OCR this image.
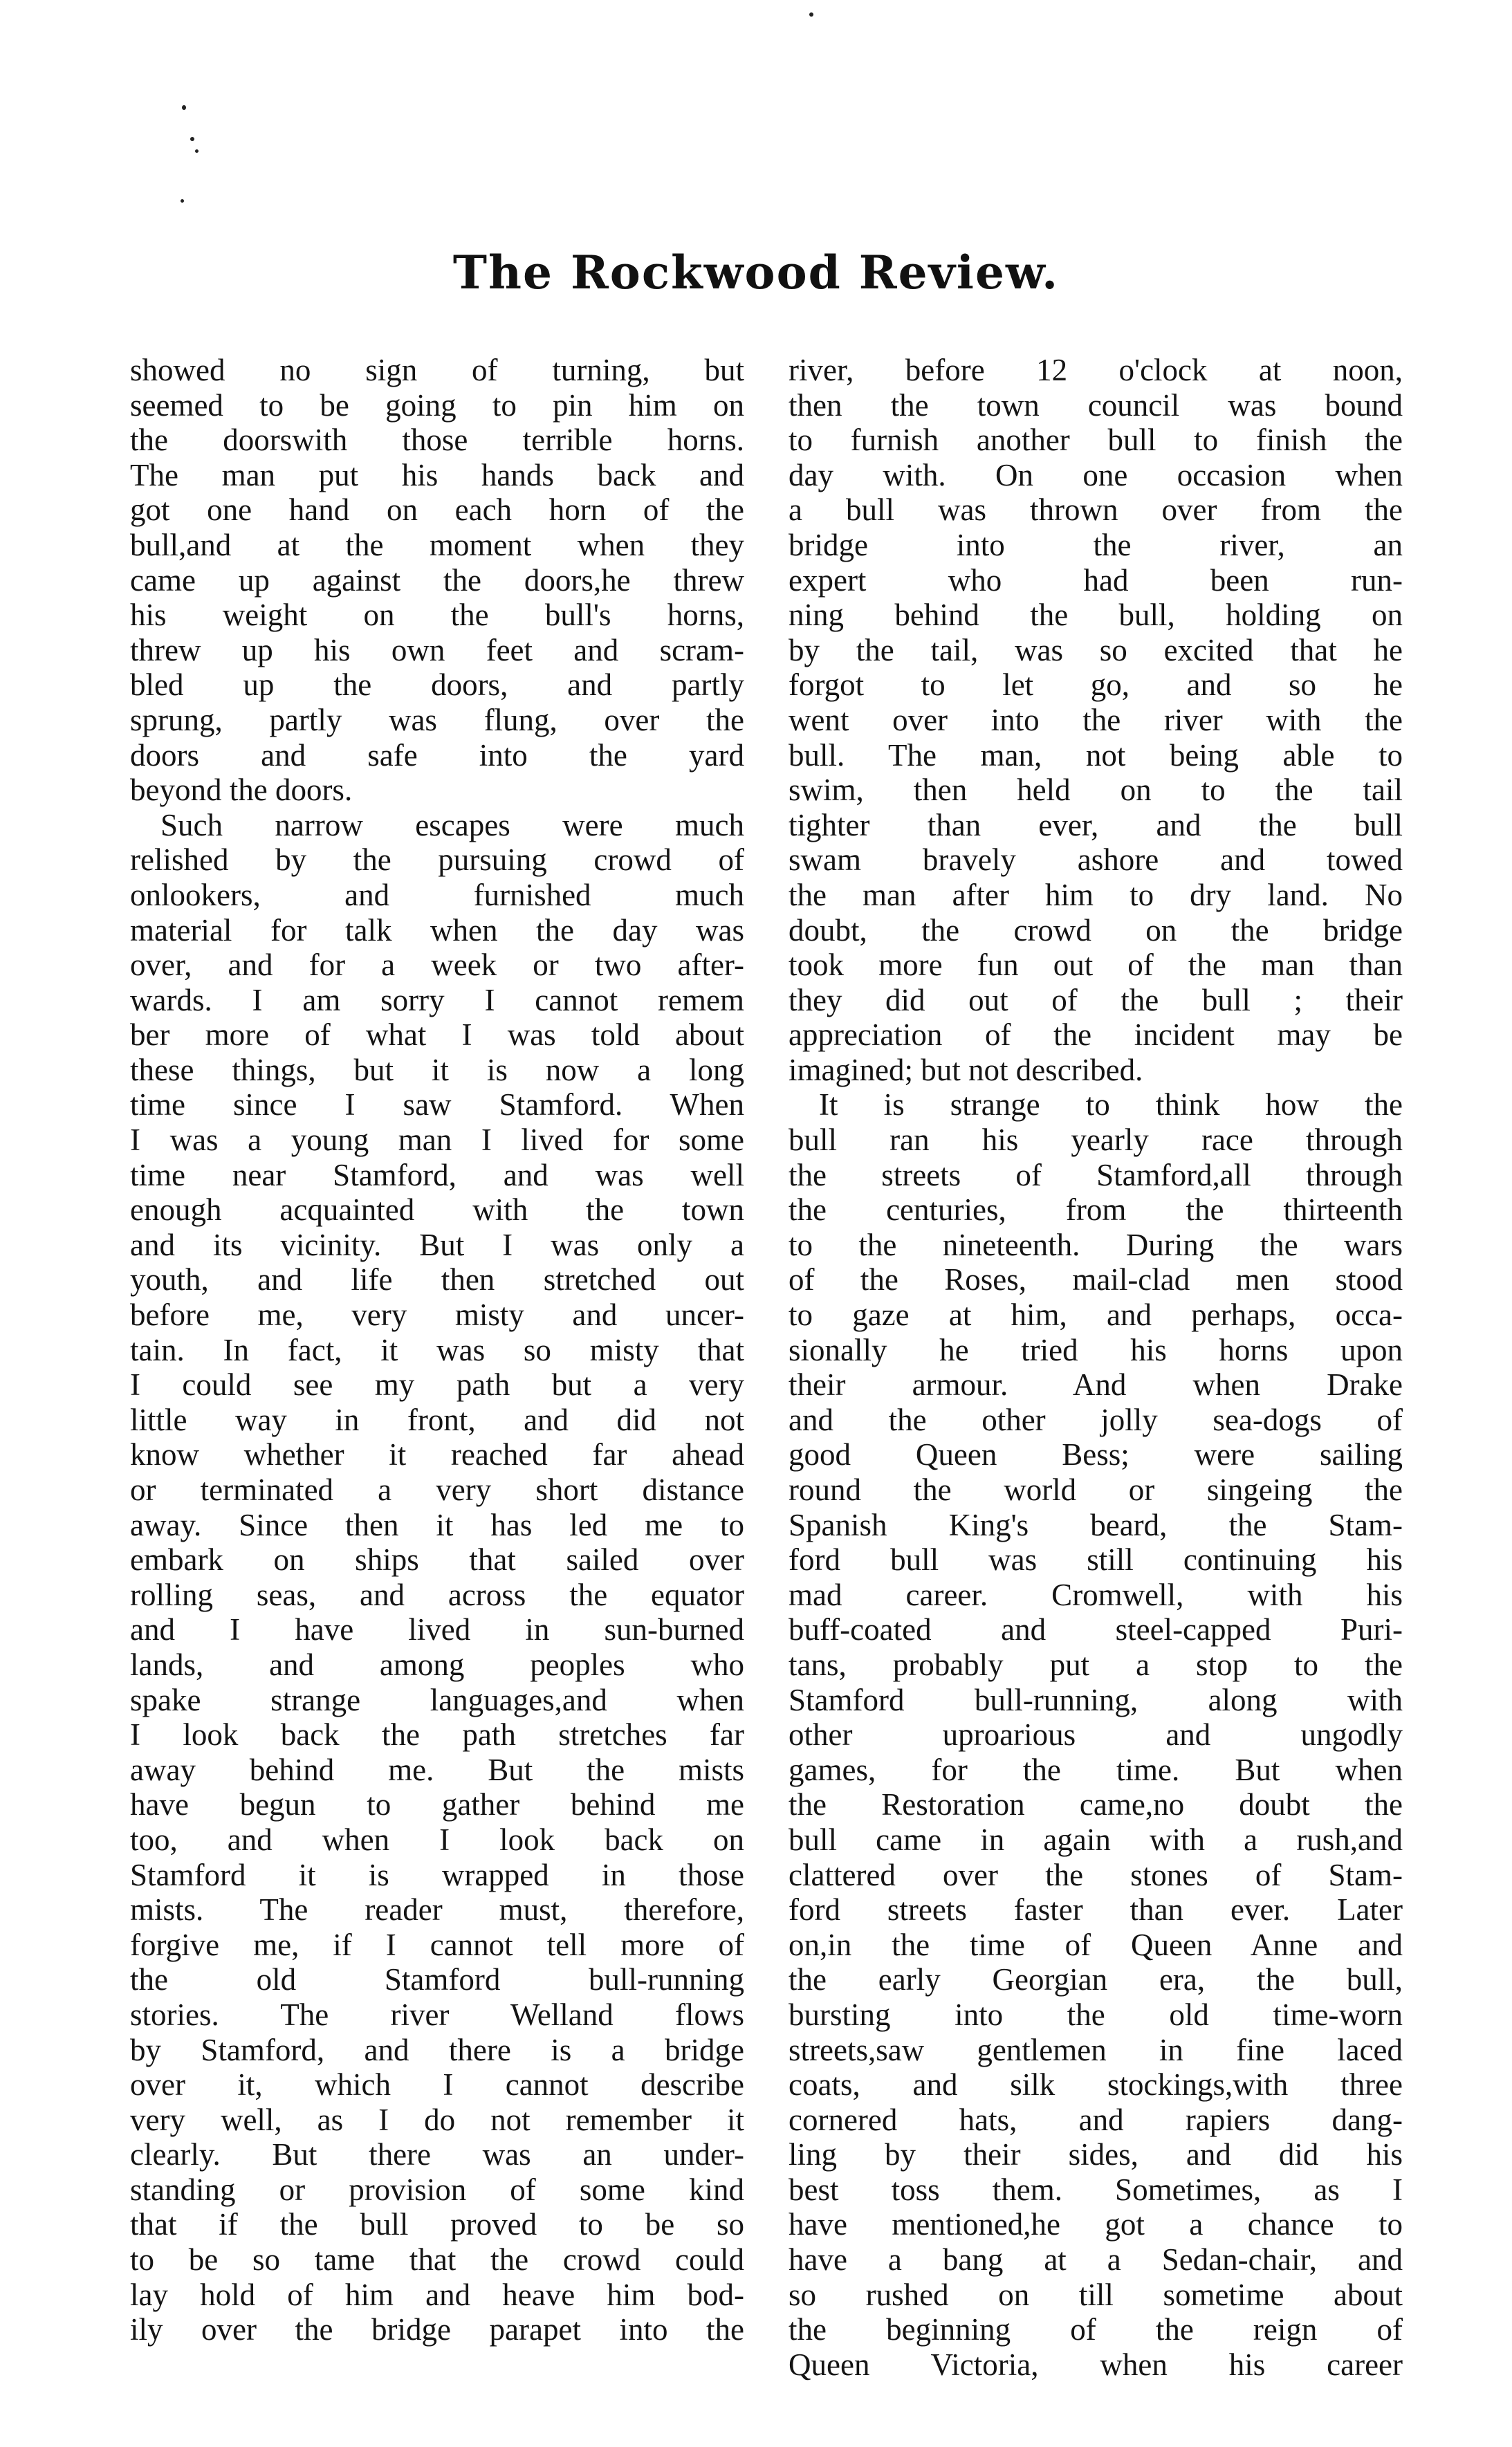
The Rockwood Review.
showed no sign of turning, but
seemed to be going to pin him on
the doorswith those terrible horns.
The man put his hands back and
got one hand on each horn of the
bull,and at the moment when they
came up against the doors,he threw
his weight on the bull's horns,
threw up his own feet and scram-
bled up the doors, and partly
sprung, partly was flung, over the
doors and safe into the yard
beyond the doors.
Such narrow escapes were much
relished by the pursuing crowd of
onlookers, and furnished much
material for talk when the day was
over, and for a week or two after-
wards. I am sorry I cannot remem
ber more of what I was told about
these things, but it is now a long
time since I saw Stamford. When
I was a young man I lived for some
time near Stamford, and was well
enough acquainted with the town
and its vicinity. But I was only a
youth, and life then stretched out
before me, very misty and uncer-
tain. In fact, it was so misty that
I could see my path but a very
little way in front, and did not
know whether it reached far ahead
or terminated a very short distance
away. Since then it has led me to
embark on ships that sailed over
rolling seas, and across the equator
and I have lived in sun-burned
lands, and among peoples who
spake strange languages,and when
I look back the path stretches far
away behind me. But the mists
have begun to gather behind me
too, and when I look back on
Stamford it is wrapped in those
mists. The reader must, therefore,
forgive me, if I cannot tell more of
the old Stamford bull-running
stories. The river Welland flows
by Stamford, and there is a bridge
over it, which I cannot describe
very well, as I do not remember it
clearly. But there was an under-
standing or provision of some kind
that if the bull proved to be so
to be so tame that the crowd could
lay hold of him and heave him bod-
ily over the bridge parapet into the
river, before 12 o'clock at noon,
then the town council was bound
to furnish another bull to finish the
day with. On one occasion when
a bull was thrown over from the
bridge into the river, an
expert who had been run-
ning behind the bull, holding on
by the tail, was so excited that he
forgot to let go, and so he
went over into the river with the
bull. The man, not being able to
swim, then held on to the tail
tighter than ever, and the bull
swam bravely ashore and towed
the man after him to dry land. No
doubt, the crowd on the bridge
took more fun out of the man than
they did out of the bull ; their
appreciation of the incident may be
imagined; but not described.
It is strange to think how the
bull ran his yearly race through
the streets of Stamford,all through
the centuries, from the thirteenth
to the nineteenth. During the wars
of the Roses, mail-clad men stood
to gaze at him, and perhaps, occa-
sionally he tried his horns upon
their armour. And when Drake
and the other jolly sea-dogs of
good Queen Bess; were sailing
round the world or singeing the
Spanish King's beard, the Stam-
ford bull was still continuing his
mad career. Cromwell, with his
buff-coated and steel-capped Puri-
tans, probably put a stop to the
Stamford bull-running, along with
other uproarious and ungodly
games, for the time. But when
the Restoration came,no doubt the
bull came in again with a rush,and
clattered over the stones of Stam-
ford streets faster than ever. Later
on,in the time of Queen Anne and
the early Georgian era, the bull,
bursting into the old time-worn
streets,saw gentlemen in fine laced
coats, and silk stockings,with three
cornered hats, and rapiers dang-
ling by their sides, and did his
best toss them. Sometimes, as I
have mentioned,he got a chance to
have a bang at a Sedan-chair, and
so rushed on till sometime about
the beginning of the reign of
Queen Victoria, when his career
